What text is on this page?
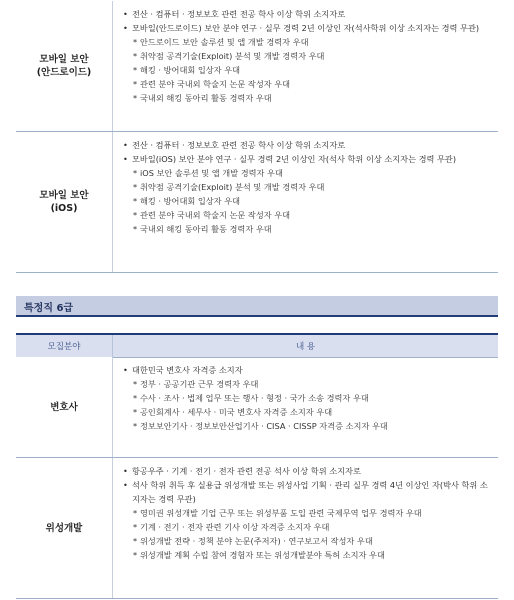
모바일 보안
(안드로이드)
• 전산 · 컴퓨터 · 정보보호 관련 전공 학사 이상 학위 소지자로
• 모바일(안드로이드) 보안 분야 연구 · 실무 경력 2년 이상인 자(석사학위 이상 소지자는 경력 무관)
* 안드로이드 보안 솔루션 및 앱 개발 경력자 우대
* 취약점 공격기술(Exploit) 분석 및 개발 경력자 우대
* 해킹 · 방어대회 입상자 우대
* 관련 분야 국내외 학술지 논문 작성자 우대
* 국내외 해킹 동아리 활동 경력자 우대
모바일 보안
(iOS)
• 전산 · 컴퓨터 · 정보보호 관련 전공 학사 이상 학위 소지자로
• 모바일(iOS) 보안 분야 연구 · 실무 경력 2년 이상인 자(석사 학위 이상 소지자는 경력 무관)
* iOS 보안 솔루션 및 앱 개발 경력자 우대
* 취약점 공격기술(Exploit) 분석 및 개발 경력자 우대
* 해킹 · 방어대회 입상자 우대
* 관련 분야 국내외 학술지 논문 작성자 우대
* 국내외 해킹 동아리 활동 경력자 우대
특정직 6급
모집분야	내 용
변호사
• 대한민국 변호사 자격증 소지자
* 정부 · 공공기관 근무 경력자 우대
* 수사 · 조사 · 법제 업무 또는 행사 · 형정 · 국가 소송 경력자 우대
* 공인회계사 · 세무사 · 미국 변호사 자격증 소지자 우대
* 정보보안기사 · 정보보안산업기사 · CISA · CISSP 자격증 소지자 우대
위성개발
• 항공우주 · 기계 · 전기 · 전자 관련 전공 석사 이상 학위 소지자로
• 석사 학위 취득 후 실용급 위성개발 또는 위성사업 기획 · 관리 실무 경력 4년 이상인 자(박사 학위 소지자는 경력 무관)
* 영미권 위성개발 기업 근무 또는 위성부품 도입 관련 국제무역 업무 경력자 우대
* 기계 · 전기 · 전자 관련 기사 이상 자격증 소지자 우대
* 위성개발 전략 · 정책 분야 논문(주저자) · 연구보고서 작성자 우대
* 위성개발 계획 수립 참여 경험자 또는 위성개발분야 특허 소지자 우대
